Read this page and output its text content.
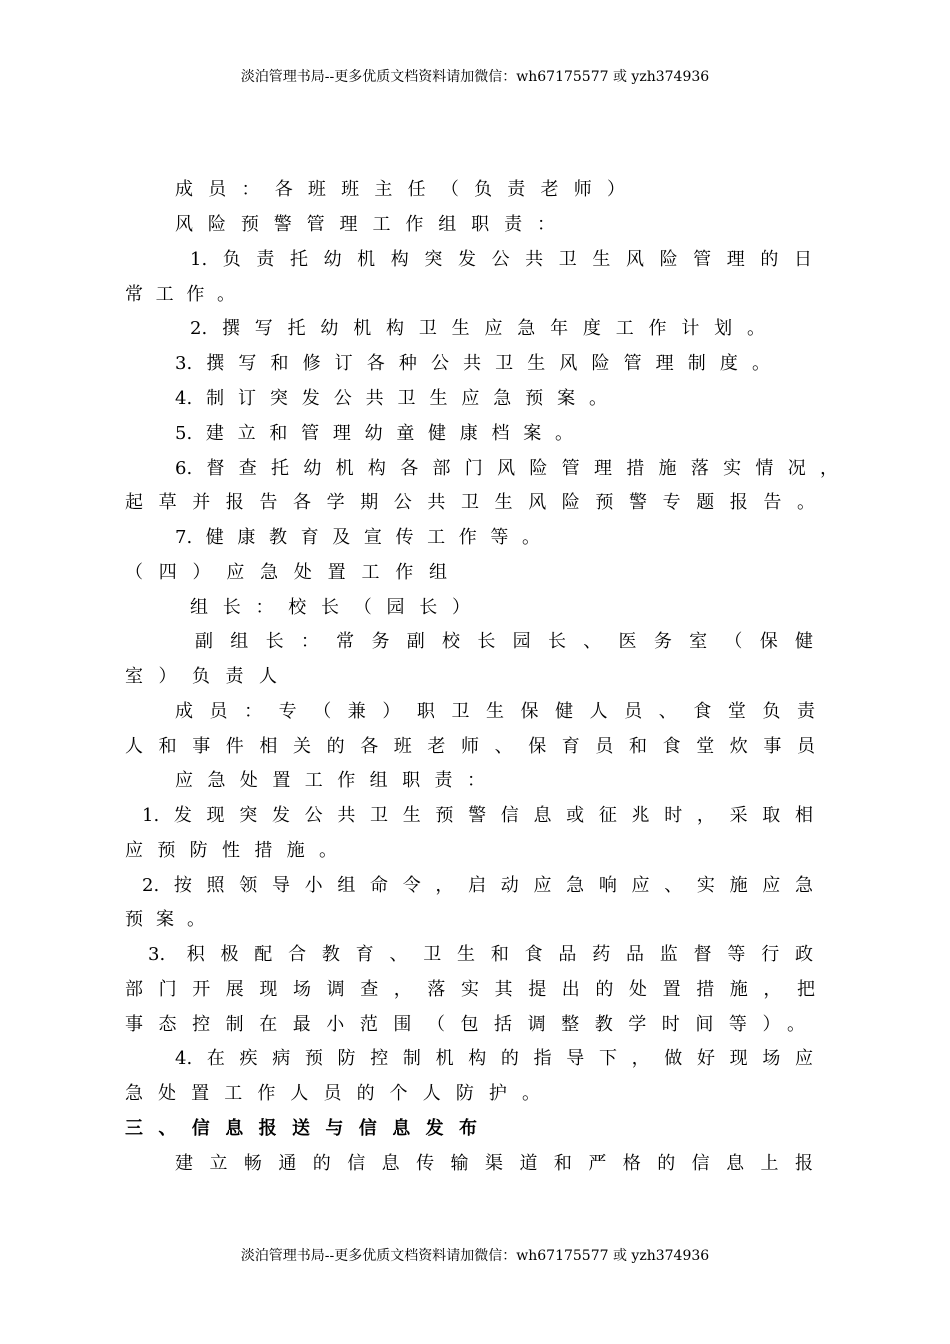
淡泊管理书局--更多优质文档资料请加微信：wh67175577 或 yzh374936
成员：各班班主任（负责老师）
风险预警管理工作组职责：
1.负责托幼机构突发公共卫生风险管理的日
常工作。
2.撰写托幼机构卫生应急年度工作计划。
3.撰写和修订各种公共卫生风险管理制度。
4.制订突发公共卫生应急预案。
5.建立和管理幼童健康档案。
6.督查托幼机构各部门风险管理措施落实情况，
起草并报告各学期公共卫生风险预警专题报告。
7.健康教育及宣传工作等。
（四）应急处置工作组
组长：校长（园长）
副组长：常务副校长园长、医务室（保健
室）负责人
成员：专（兼）职卫生保健人员、食堂负责
人和事件相关的各班老师、保育员和食堂炊事员
应急处置工作组职责：
1.发现突发公共卫生预警信息或征兆时，采取相
应预防性措施。
2.按照领导小组命令，启动应急响应、实施应急
预案。
3. 积极配合教育、卫生和食品药品监督等行政
部门开展现场调查，落实其提出的处置措施，把
事态控制在最小范围（包括调整教学时间等）。
4.在疾病预防控制机构的指导下，做好现场应
急处置工作人员的个人防护。
三、信息报送与信息发布
建立畅通的信息传输渠道和严格的信息上报
淡泊管理书局--更多优质文档资料请加微信：wh67175577 或 yzh374936
